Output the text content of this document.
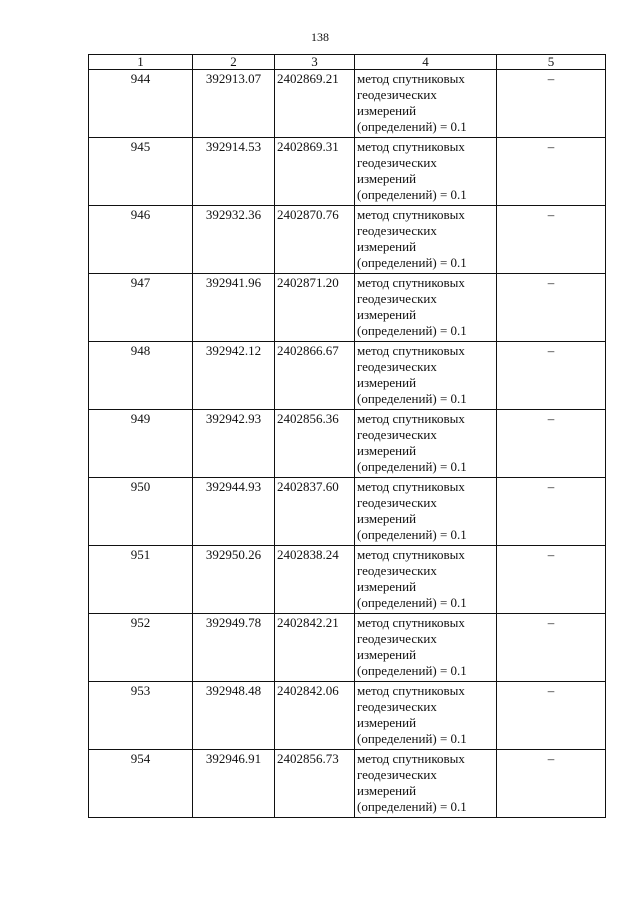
138
1	2	3	4	5
944	392913.07	2402869.21	метод спутниковых геодезических измерений (определений) = 0.1	–
945	392914.53	2402869.31	метод спутниковых геодезических измерений (определений) = 0.1	–
946	392932.36	2402870.76	метод спутниковых геодезических измерений (определений) = 0.1	–
947	392941.96	2402871.20	метод спутниковых геодезических измерений (определений) = 0.1	–
948	392942.12	2402866.67	метод спутниковых геодезических измерений (определений) = 0.1	–
949	392942.93	2402856.36	метод спутниковых геодезических измерений (определений) = 0.1	–
950	392944.93	2402837.60	метод спутниковых геодезических измерений (определений) = 0.1	–
951	392950.26	2402838.24	метод спутниковых геодезических измерений (определений) = 0.1	–
952	392949.78	2402842.21	метод спутниковых геодезических измерений (определений) = 0.1	–
953	392948.48	2402842.06	метод спутниковых геодезических измерений (определений) = 0.1	–
954	392946.91	2402856.73	метод спутниковых геодезических измерений (определений) = 0.1	–
